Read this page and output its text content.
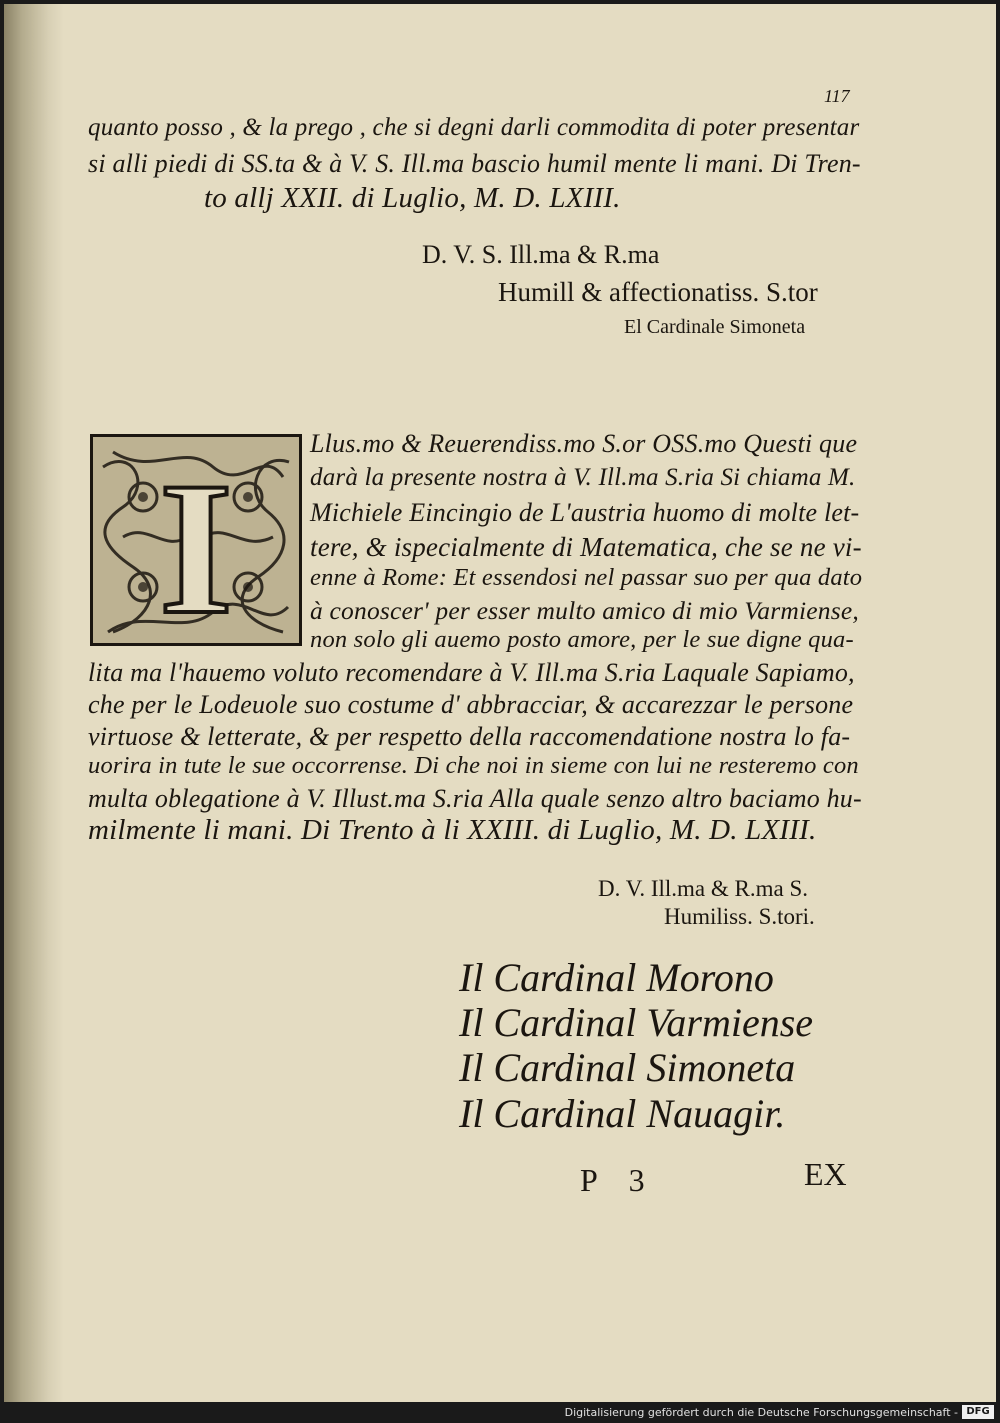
117
quanto posso , & la prego , che si degni darli commodita di poter presentar
si alli piedi di SS.ta & à V. S. Ill.ma bascio humil mente li mani. Di Tren-
to allj XXII. di Luglio, M. D. LXIII.
D. V. S. Ill.ma & R.ma
Humill & affectionatiss. S.tor
El Cardinale Simoneta
I
Llus.mo & Reuerendiss.mo S.or OSS.mo Questi que
darà la presente nostra à V. Ill.ma S.ria Si chiama M.
Michiele Eincingio de L'austria huomo di molte let-
tere, & ispecialmente di Matematica, che se ne vi-
enne à Rome: Et essendosi nel passar suo per qua dato
à conoscer' per esser multo amico di mio Varmiense,
non solo gli auemo posto amore, per le sue digne qua-
lita ma l'hauemo voluto recomendare à V. Ill.ma S.ria Laquale Sapiamo,
che per le Lodeuole suo costume d' abbracciar, & accarezzar le persone
virtuose & letterate, & per respetto della raccomendatione nostra lo fa-
uorira in tute le sue occorrense. Di che noi in sieme con lui ne resteremo con
multa oblegatione à V. Illust.ma S.ria Alla quale senzo altro baciamo hu-
milmente li mani. Di Trento à li XXIII. di Luglio, M. D. LXIII.
D. V. Ill.ma & R.ma S.
Humiliss. S.tori.
Il Cardinal Morono
Il Cardinal Varmiense
Il Cardinal Simoneta
Il Cardinal Nauagir.
P 3	EX
Digitalisierung gefördert durch die Deutsche Forschungsgemeinschaft - DFG
